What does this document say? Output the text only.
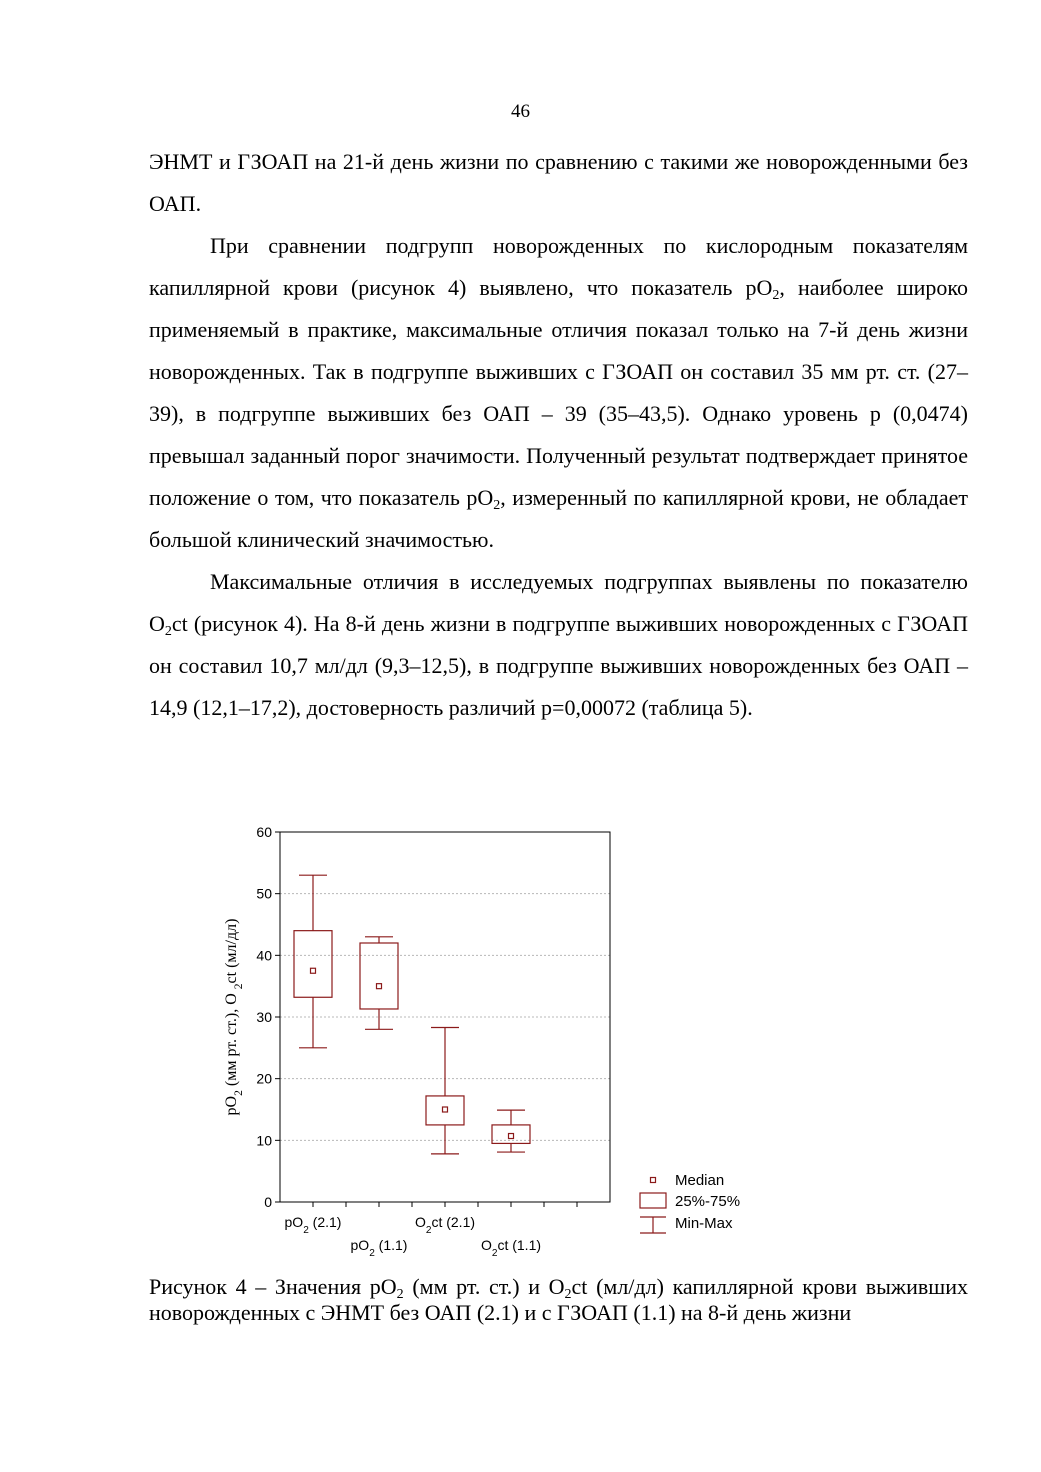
46

ЭНМТ и ГЗОАП на 21-й день жизни по сравнению с такими же новорожденными без ОАП.

При сравнении подгрупп новорожденных по кислородным показателям капиллярной крови (рисунок 4) выявлено, что показатель $pO_2$, наиболее широко применяемый в практике, максимальные отличия показал только на 7-й день жизни новорожденных. Так в подгруппе выживших с ГЗОАП он составил 35 мм рт. ст. (27–39), в подгруппе выживших без ОАП – 39 (35–43,5). Однако уровень р (0,0474) превышал заданный порог значимости. Полученный результат подтверждает принятое положение о том, что показатель $pO_2$, измеренный по капиллярной крови, не обладает большой клинический значимостью.

Максимальные отличия в исследуемых подгруппах выявлены по показателю $O_2ct$ (рисунок 4). На 8-й день жизни в подгруппе выживших новорожденных с ГЗОАП он составил 10,7 мл/дл (9,3–12,5), в подгруппе выживших новорожденных без ОАП – 14,9 (12,1–17,2), достоверность различий р=0,00072 (таблица 5).

0
10
20
30
40
50
60
$pO_2$ (мм рт. ст.), O $_2$ct (мл/дл)
$pO_2$ (2.1)
$pO_2$ (1.1)
$O_2ct$ (2.1)
$O_2ct$ (1.1)
Median
25%-75%
Min-Max
Рисунок 4 – Значения $pO_2$ (мм рт. ст.) и $O_2ct$ (мл/дл) капиллярной крови выживших новорожденных с ЭНМТ без ОАП (2.1) и с ГЗОАП (1.1) на 8-й день жизни
